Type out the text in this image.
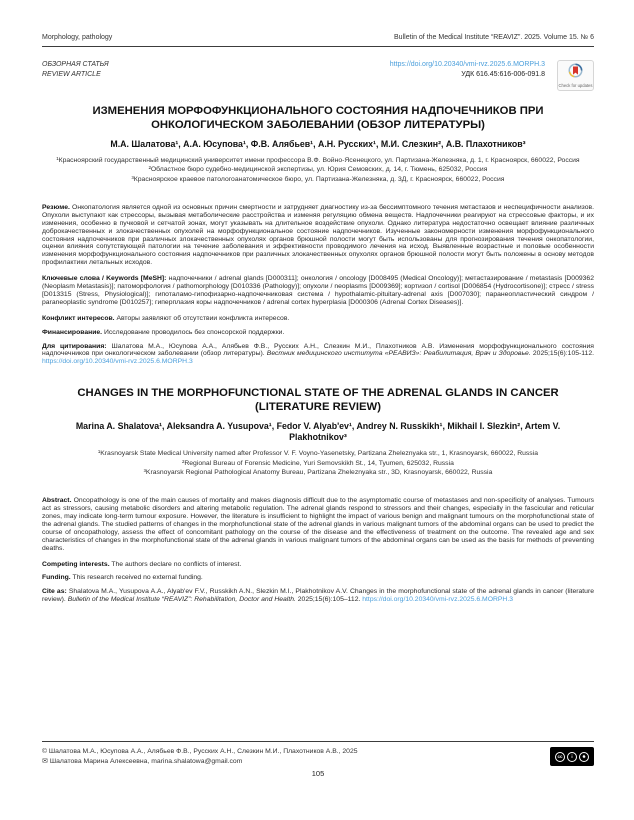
Morphology, pathology	Bulletin of the Medical Institute “REAVIZ”. 2025. Volume 15. № 6
ОБЗОРНАЯ СТАТЬЯ
REVIEW ARTICLE
https://doi.org/10.20340/vmi-rvz.2025.6.MORPH.3
УДК 616.45:616-006-091.8
Check for updates
ИЗМЕНЕНИЯ МОРФОФУНКЦИОНАЛЬНОГО СОСТОЯНИЯ НАДПОЧЕЧНИКОВ ПРИ ОНКОЛОГИЧЕСКОМ ЗАБОЛЕВАНИИ (ОБЗОР ЛИТЕРАТУРЫ)
М.А. Шалатова¹, А.А. Юсупова¹, Ф.В. Алябьев¹, А.Н. Русских¹, М.И. Слезкин², А.В. Плахотников³
¹Красноярский государственный медицинский университет имени профессора В.Ф. Войно-Ясенецкого, ул. Партизана-Железняка, д. 1, г. Красноярск, 660022, Россия
²Областное бюро судебно-медицинской экспертизы, ул. Юрия Семовских, д. 14, г. Тюмень, 625032, Россия
³Красноярское краевое патологоанатомическое бюро, ул. Партизана-Железняка, д. 3Д, г. Красноярск, 660022, Россия

Резюме. Онкопатология является одной из основных причин смертности и затрудняет диагностику из-за бессимптомного течения метастазов и неспецифичности анализов. Опухоли выступают как стрессоры, вызывая метаболические расстройства и изменяя регуляцию обмена веществ. Надпочечники реагируют на стрессовые факторы, и их изменения, особенно в пучковой и сетчатой зонах, могут указывать на длительное воздействие опухоли. Однако литература недостаточно освещает влияние различных доброкачественных и злокачественных опухолей на морфофункциональное состояние надпочечников. Изученные закономерности изменения морфофункционального состояния надпочечников при различных злокачественных опухолях органов брюшной полости могут быть использованы для прогнозирования течения онкопатологии, оценки влияния сопутствующей патологии на течение заболевания и эффективности проводимого лечения на исход. Выявленные возрастные и половые особенности изменения морфофункционального состояния надпочечников при различных злокачественных опухолях органов брюшной полости могут быть положены в основу методов профилактики летальных исходов.

Ключевые слова / Keywords [MeSH]: надпочечники / adrenal glands [D000311]; онкология / oncology [D008495 (Medical Oncology)]; метастазирование / metastasis [D009362 (Neoplasm Metastasis)]; патоморфология / pathomorphology [D010336 (Pathology)]; опухоли / neoplasms [D009369]; кортизол / cortisol [D006854 (Hydrocortisone)]; стресс / stress [D013315 (Stress, Physiological)]; гипоталамо-гипофизарно-надпочечниковая система / hypothalamic-pituitary-adrenal axis [D007030]; паранеопластический синдром / paraneoplastic syndrome [D010257]; гиперплазия коры надпочечников / adrenal cortex hyperplasia [D000306 (Adrenal Cortex Diseases)].

Конфликт интересов. Авторы заявляют об отсутствии конфликта интересов.

Финансирование. Исследование проводилось без спонсорской поддержки.

Для цитирования: Шалатова М.А., Юсупова А.А., Алябьев Ф.В., Русских А.Н., Слезкин М.И., Плахотников А.В. Изменения морфофункционального состояния надпочечников при онкологическом заболевании (обзор литературы). Вестник медицинского института «РЕАВИЗ»: Реабилитация, Врач и Здоровье. 2025;15(6):105-112. https://doi.org/10.20340/vmi-rvz.2025.6.MORPH.3

CHANGES IN THE MORPHOFUNCTIONAL STATE OF THE ADRENAL GLANDS IN CANCER (LITERATURE REVIEW)
Marina A. Shalatova¹, Aleksandra A. Yusupova¹, Fedor V. Alyab'ev¹, Andrey N. Russkikh¹, Mikhail I. Slezkin², Artem V. Plakhotnikov³
¹Krasnoyarsk State Medical University named after Professor V. F. Voyno-Yasenetsky, Partizana Zheleznyaka str., 1, Krasnoyarsk, 660022, Russia
²Regional Bureau of Forensic Medicine, Yuri Semovskikh St., 14, Tyumen, 625032, Russia
³Krasnoyarsk Regional Pathological Anatomy Bureau, Partizana Zheleznyaka str., 3D, Krasnoyarsk, 660022, Russia

Abstract. Oncopathology is one of the main causes of mortality and makes diagnosis difficult due to the asymptomatic course of metastases and non-specificity of analyses. Tumours act as stressors, causing metabolic disorders and altering metabolic regulation. The adrenal glands respond to stressors and their changes, especially in the fascicular and reticular zones, may indicate long-term tumour exposure. However, the literature is insufficient to highlight the impact of various benign and malignant tumours on the morphofunctional state of the adrenal glands. The studied patterns of changes in the morphofunctional state of the adrenal glands in various malignant tumors of the abdominal organs can be used to predict the course of oncopathology, assess the effect of concomitant pathology on the course of the disease and the effectiveness of treatment on the outcome. The revealed age and sex characteristics of changes in the morphofunctional state of the adrenal glands in various malignant tumors of the abdominal organs can be used as the basis for methods of preventing deaths.

Competing interests. The authors declare no conflicts of interest.

Funding. This research received no external funding.

Cite as: Shalatova M.A., Yusupova A.A., Alyab'ev F.V., Russkikh A.N., Slezkin M.I., Plakhotnikov A.V. Changes in the morphofunctional state of the adrenal glands in cancer (literature review). Bulletin of the Medical Institute “REAVIZ”: Rehabilitation, Doctor and Health. 2025;15(6):105–112. https://doi.org/10.20340/vmi-rvz.2025.6.MORPH.3

© Шалатова М.А., Юсупова А.А., Алябьев Ф.В., Русских А.Н., Слезкин М.И., Плахотников А.В., 2025
✉ Шалатова Марина Алексеевна, marina.shalatowa@gmail.com
105
cc	i	$
